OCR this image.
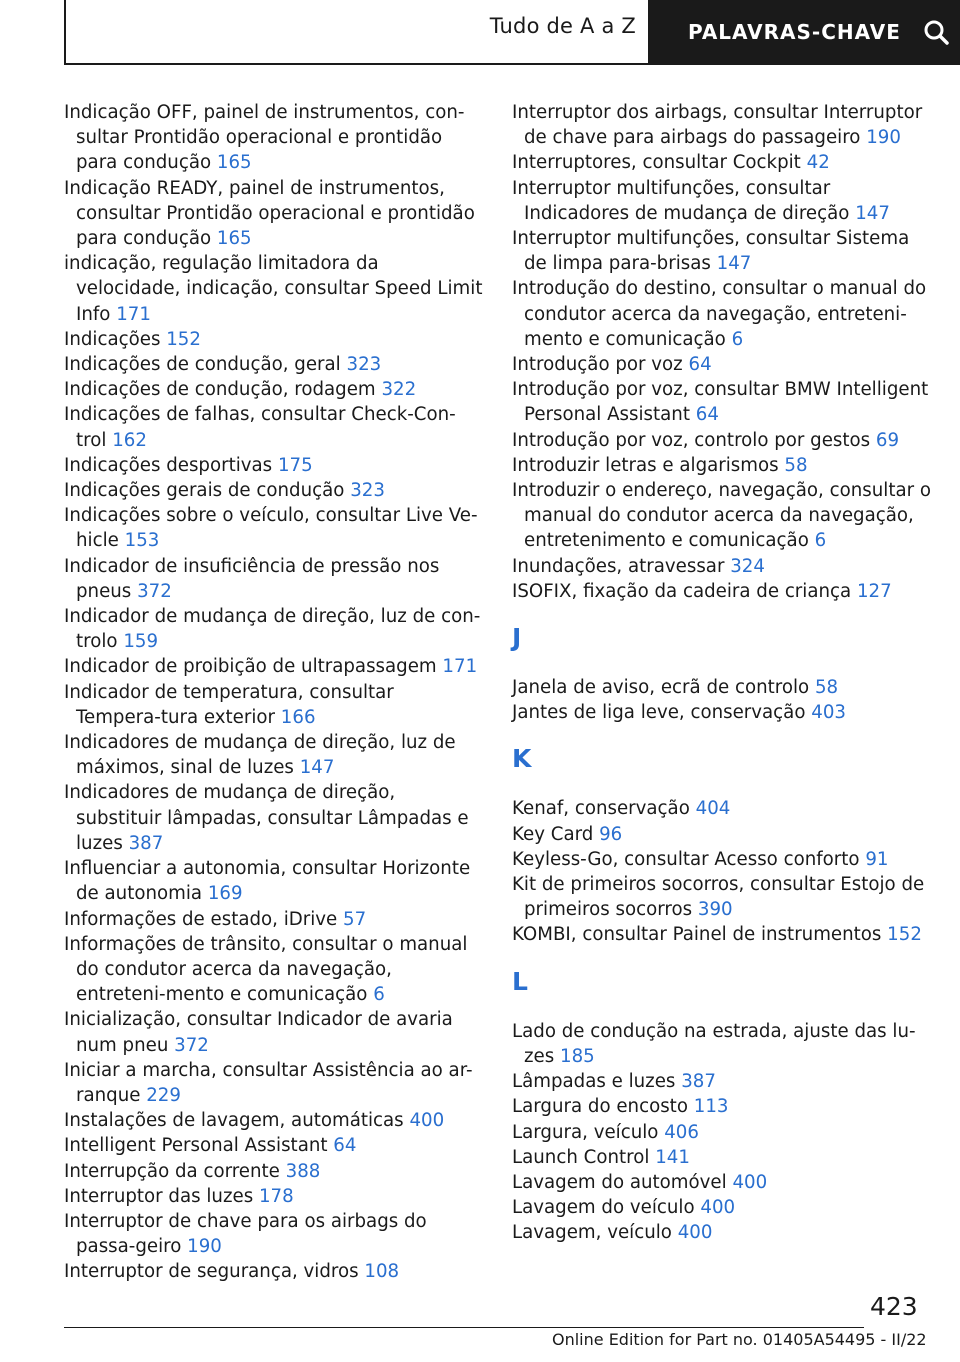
Tudo de A a Z	PALAVRAS-CHAVE
Indicação OFF, painel de instrumentos, con-sultar Prontidão operacional e prontidão para condução 165
Indicação READY, painel de instrumentos, consultar Prontidão operacional e prontidão para condução 165
indicação, regulação limitadora da velocidade, indicação, consultar Speed Limit Info 171
Indicações 152
Indicações de condução, geral 323
Indicações de condução, rodagem 322
Indicações de falhas, consultar Check-Con-trol 162
Indicações desportivas 175
Indicações gerais de condução 323
Indicações sobre o veículo, consultar Live Ve-hicle 153
Indicador de insuficiência de pressão nos pneus 372
Indicador de mudança de direção, luz de con-trolo 159
Indicador de proibição de ultrapassagem 171
Indicador de temperatura, consultar Tempera-tura exterior 166
Indicadores de mudança de direção, luz de máximos, sinal de luzes 147
Indicadores de mudança de direção, substituir lâmpadas, consultar Lâmpadas e luzes 387
Influenciar a autonomia, consultar Horizonte de autonomia 169
Informações de estado, iDrive 57
Informações de trânsito, consultar o manual do condutor acerca da navegação, entreteni-mento e comunicação 6
Inicialização, consultar Indicador de avaria num pneu 372
Iniciar a marcha, consultar Assistência ao ar-ranque 229
Instalações de lavagem, automáticas 400
Intelligent Personal Assistant 64
Interrupção da corrente 388
Interruptor das luzes 178
Interruptor de chave para os airbags do passa-geiro 190
Interruptor de segurança, vidros 108
Interruptor dos airbags, consultar Interruptor de chave para airbags do passageiro 190
Interruptores, consultar Cockpit 42
Interruptor multifunções, consultar Indicadores de mudança de direção 147
Interruptor multifunções, consultar Sistema de limpa para-brisas 147
Introdução do destino, consultar o manual do condutor acerca da navegação, entreteni-mento e comunicação 6
Introdução por voz 64
Introdução por voz, consultar BMW Intelligent Personal Assistant 64
Introdução por voz, controlo por gestos 69
Introduzir letras e algarismos 58
Introduzir o endereço, navegação, consultar o manual do condutor acerca da navegação, entretenimento e comunicação 6
Inundações, atravessar 324
ISOFIX, fixação da cadeira de criança 127
J
Janela de aviso, ecrã de controlo 58
Jantes de liga leve, conservação 403
K
Kenaf, conservação 404
Key Card 96
Keyless-Go, consultar Acesso conforto 91
Kit de primeiros socorros, consultar Estojo de primeiros socorros 390
KOMBI, consultar Painel de instrumentos 152
L
Lado de condução na estrada, ajuste das lu-zes 185
Lâmpadas e luzes 387
Largura do encosto 113
Largura, veículo 406
Launch Control 141
Lavagem do automóvel 400
Lavagem do veículo 400
Lavagem, veículo 400
423
Online Edition for Part no. 01405A54495 - II/22
